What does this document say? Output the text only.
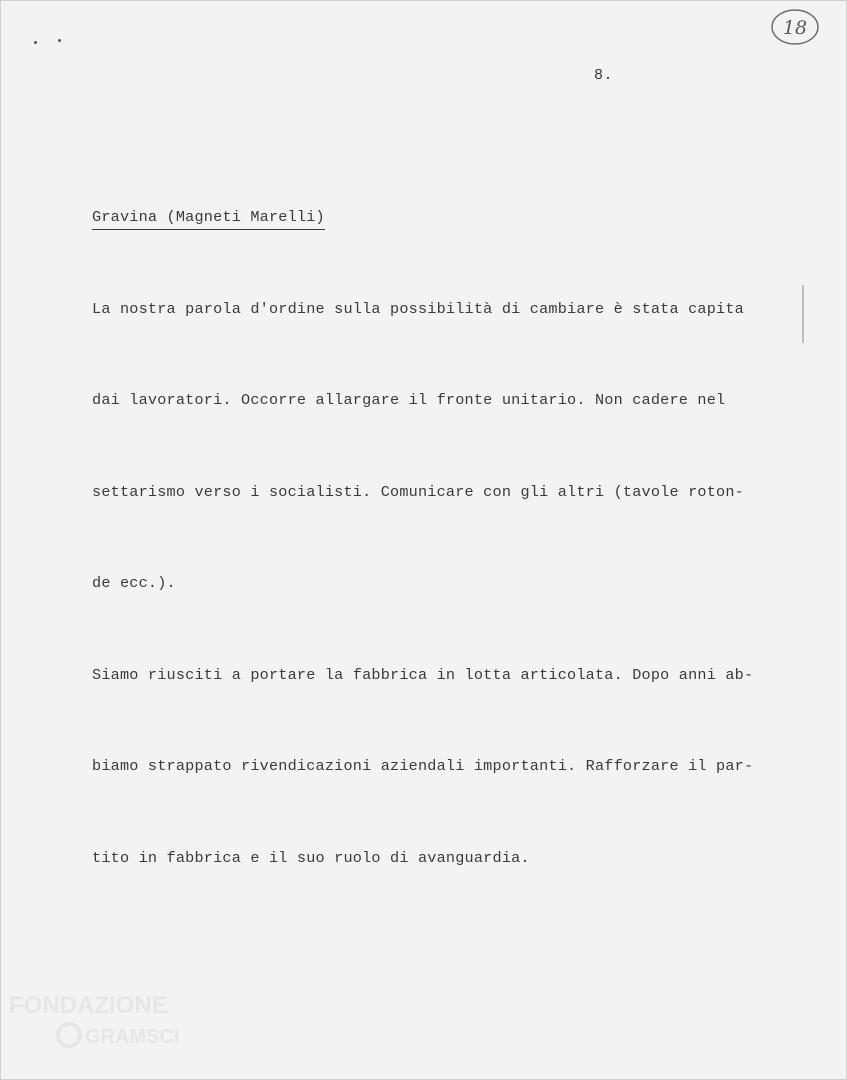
18
8.

Gravina (Magneti Marelli)

La nostra parola d'ordine sulla possibilità di cambiare è stata capita

dai lavoratori. Occorre allargare il fronte unitario. Non cadere nel

settarismo verso i socialisti. Comunicare con gli altri (tavole roton-

de ecc.).

Siamo riusciti a portare la fabbrica in lotta articolata. Dopo anni ab-

biamo strappato rivendicazioni aziendali importanti. Rafforzare il par-

tito in fabbrica e il suo ruolo di avanguardia.

FONDAZIONE
GRAMSCI
